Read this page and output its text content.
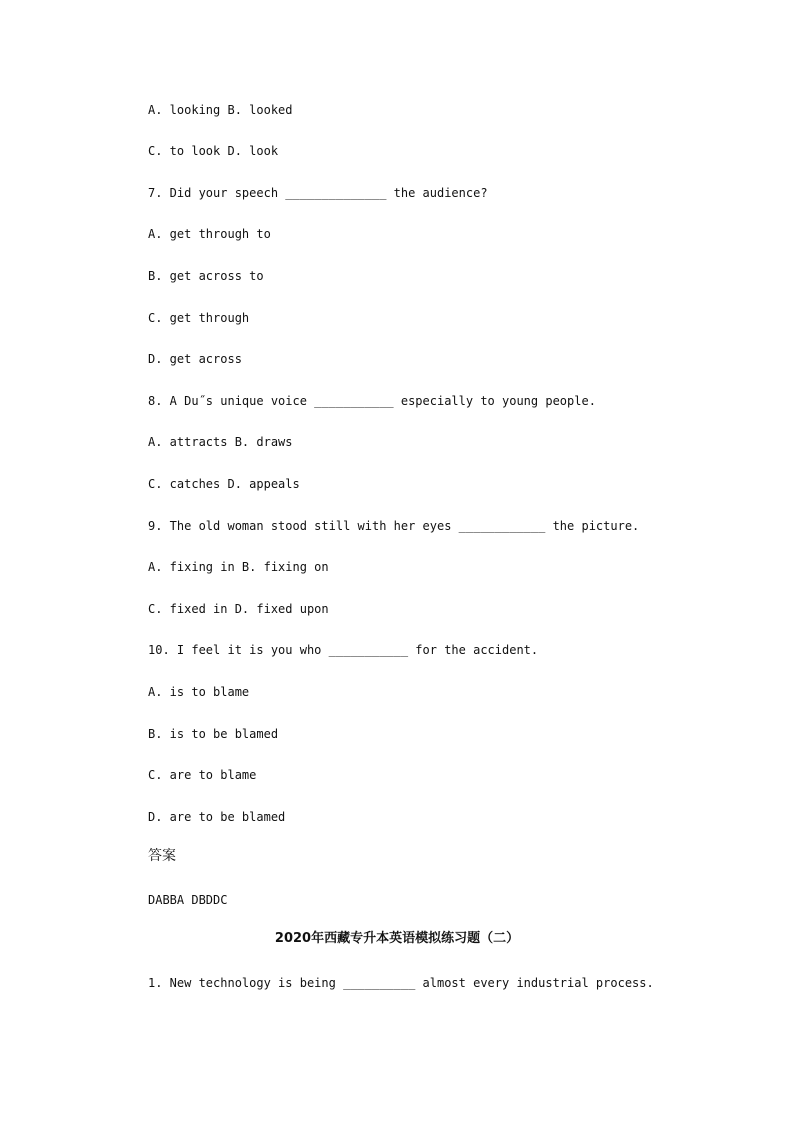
A. looking B. looked
C. to look D. look
7. Did your speech ______________ the audience?
A. get through to
B. get across to
C. get through
D. get across
8. A Du˝s unique voice ___________ especially to young people.
A. attracts B. draws
C. catches D. appeals
9. The old woman stood still with her eyes ____________ the picture.
A. fixing in B. fixing on
C. fixed in D. fixed upon
10. I feel it is you who ___________ for the accident.
A. is to blame
B. is to be blamed
C. are to blame
D. are to be blamed
答案
DABBA DBDDC
2020年西藏专升本英语模拟练习题（二）
1. New technology is being __________ almost every industrial process.
